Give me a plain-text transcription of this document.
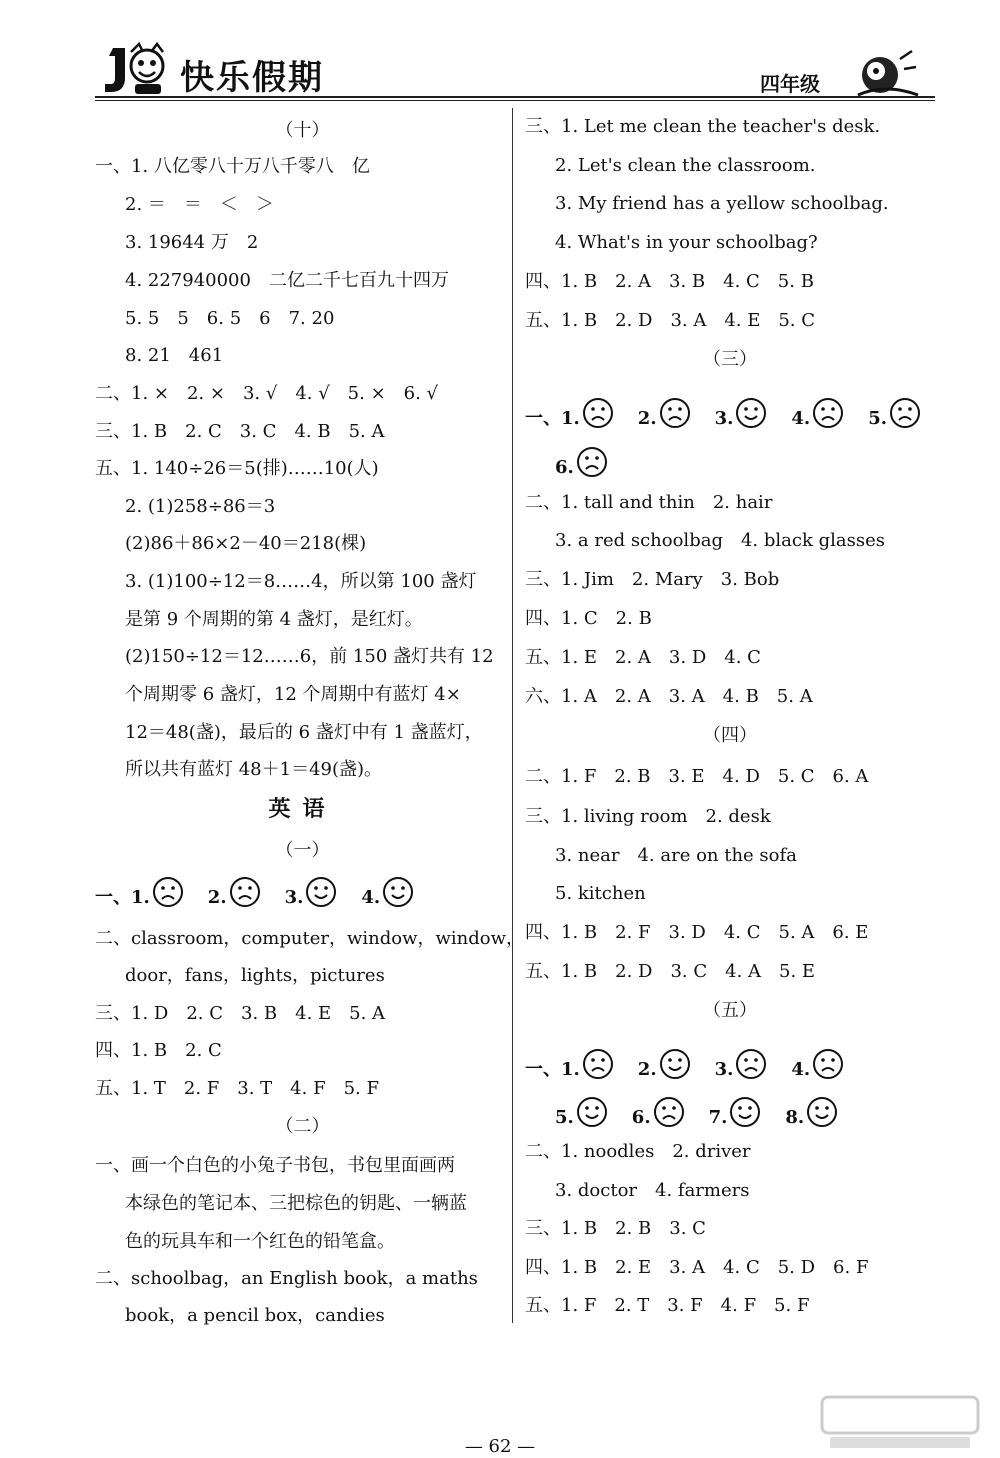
快乐假期	四年级
（十）
一、1. 八亿零八十万八千零八　亿
2. ＝　＝　＜　＞
3. 19644 万　2
4. 227940000　二亿二千七百九十四万
5. 5　5　6. 5　6　7. 20
8. 21　461
二、1. ×　2. ×　3. √　4. √　5. ×　6. √
三、1. B　2. C　3. C　4. B　5. A
五、1. 140÷26＝5(排)……10(人)
2. (1)258÷86＝3
(2)86＋86×2－40＝218(棵)
3. (1)100÷12＝8……4，所以第 100 盏灯
是第 9 个周期的第 4 盏灯，是红灯。
(2)150÷12＝12……6，前 150 盏灯共有 12
个周期零 6 盏灯，12 个周期中有蓝灯 4×
12＝48(盏)，最后的 6 盏灯中有 1 盏蓝灯，
所以共有蓝灯 48＋1＝49(盏)。
英语
（一）
二、classroom，computer，window，window，
door，fans，lights，pictures
三、1. D　2. C　3. B　4. E　5. A
四、1. B　2. C
五、1. T　2. F　3. T　4. F　5. F
（二）
一、画一个白色的小兔子书包，书包里面画两
本绿色的笔记本、三把棕色的钥匙、一辆蓝
色的玩具车和一个红色的铅笔盒。
二、schoolbag，an English book，a maths
book，a pencil box，candies
一、1.	2.	3.	4.
三、1. Let me clean the teacher's desk.
2. Let's clean the classroom.
3. My friend has a yellow schoolbag.
4. What's in your schoolbag?
四、1. B　2. A　3. B　4. C　5. B
五、1. B　2. D　3. A　4. E　5. C
（三）
二、1. tall and thin　2. hair
3. a red schoolbag　4. black glasses
三、1. Jim　2. Mary　3. Bob
四、1. C　2. B
五、1. E　2. A　3. D　4. C
六、1. A　2. A　3. A　4. B　5. A
（四）
二、1. F　2. B　3. E　4. D　5. C　6. A
三、1. living room　2. desk
3. near　4. are on the sofa
5. kitchen
四、1. B　2. F　3. D　4. C　5. A　6. E
五、1. B　2. D　3. C　4. A　5. E
（五）
二、1. noodles　2. driver
3. doctor　4. farmers
三、1. B　2. B　3. C
四、1. B　2. E　3. A　4. C　5. D　6. F
五、1. F　2. T　3. F　4. F　5. F
一、1.	2.	3.	4.	5.
6.
一、1.	2.	3.	4.
5.	6.	7.	8.
— 62 —
